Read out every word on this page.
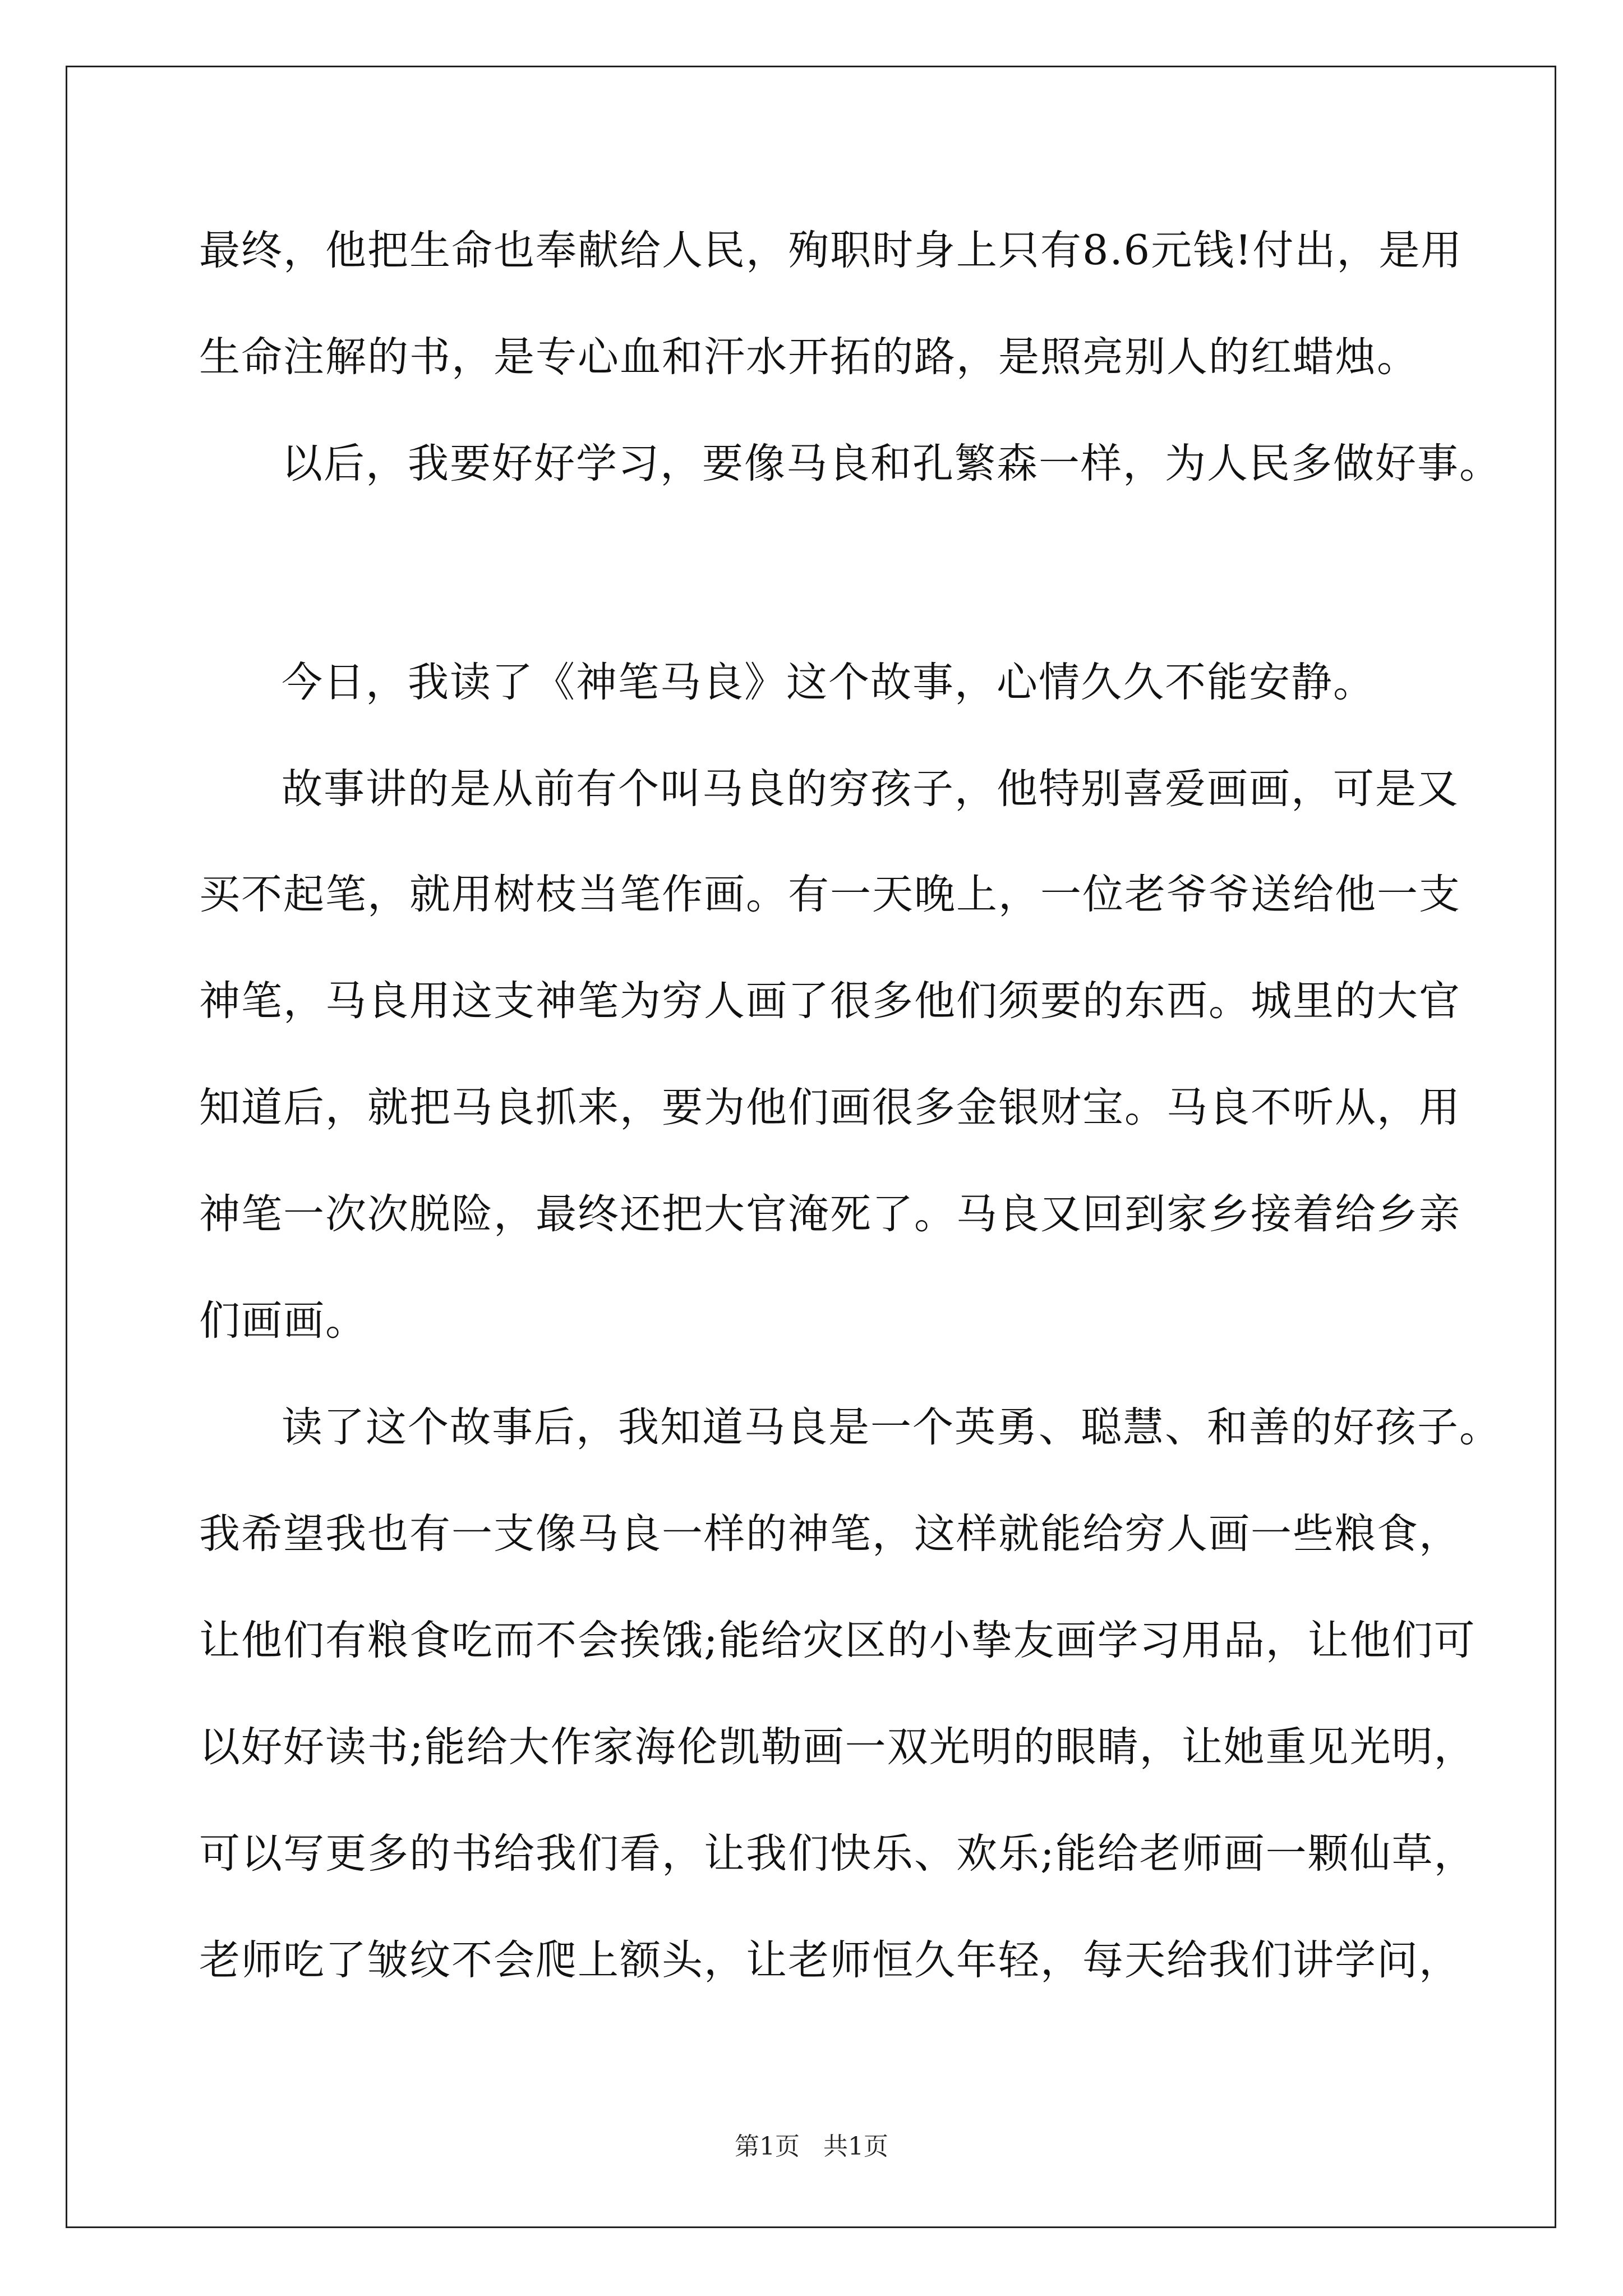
最终，他把生命也奉献给人民，殉职时身上只有8.6元钱!付出，是用
生命注解的书，是专心血和汗水开拓的路，是照亮别人的红蜡烛。
以后，我要好好学习，要像马良和孔繁森一样，为人民多做好事。
今日，我读了《神笔马良》这个故事，心情久久不能安静。
故事讲的是从前有个叫马良的穷孩子，他特别喜爱画画，可是又
买不起笔，就用树枝当笔作画。有一天晚上，一位老爷爷送给他一支
神笔，马良用这支神笔为穷人画了很多他们须要的东西。城里的大官
知道后，就把马良抓来，要为他们画很多金银财宝。马良不听从，用
神笔一次次脱险，最终还把大官淹死了。马良又回到家乡接着给乡亲
们画画。
读了这个故事后，我知道马良是一个英勇、聪慧、和善的好孩子。
我希望我也有一支像马良一样的神笔，这样就能给穷人画一些粮食，
让他们有粮食吃而不会挨饿;能给灾区的小挚友画学习用品，让他们可
以好好读书;能给大作家海伦凯勒画一双光明的眼睛，让她重见光明，
可以写更多的书给我们看，让我们快乐、欢乐;能给老师画一颗仙草，
老师吃了皱纹不会爬上额头，让老师恒久年轻，每天给我们讲学问，
第1页   共1页
